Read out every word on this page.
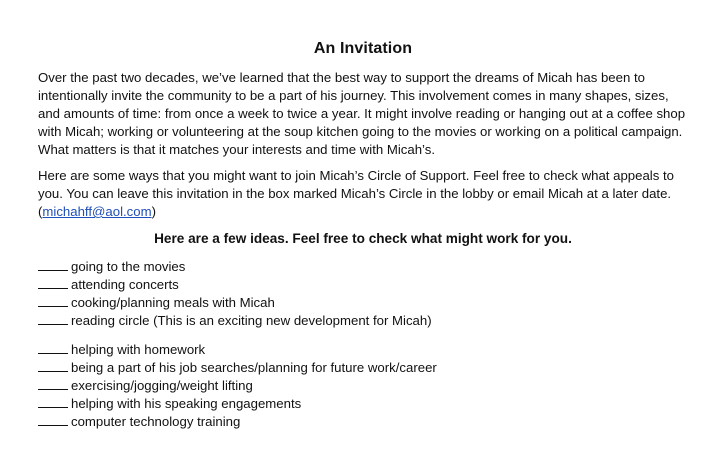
An Invitation

Over the past two decades, we’ve learned that the best way to support the dreams of Micah has been to intentionally invite the community to be a part of his journey. This involvement comes in many shapes, sizes, and amounts of time: from once a week to twice a year. It might involve reading or hanging out at a coffee shop with Micah; working or volunteering at the soup kitchen going to the movies or working on a political campaign. What matters is that it matches your interests and time with Micah’s.

Here are some ways that you might want to join Micah’s Circle of Support. Feel free to check what appeals to you. You can leave this invitation in the box marked Micah’s Circle in the lobby or email Micah at a later date. (michahff@aol.com)

Here are a few ideas. Feel free to check what might work for you.
going to the movies
attending concerts
cooking/planning meals with Micah
reading circle (This is an exciting new development for Micah)
helping with homework
being a part of his job searches/planning for future work/career
exercising/jogging/weight lifting
helping with his speaking engagements
computer technology training
